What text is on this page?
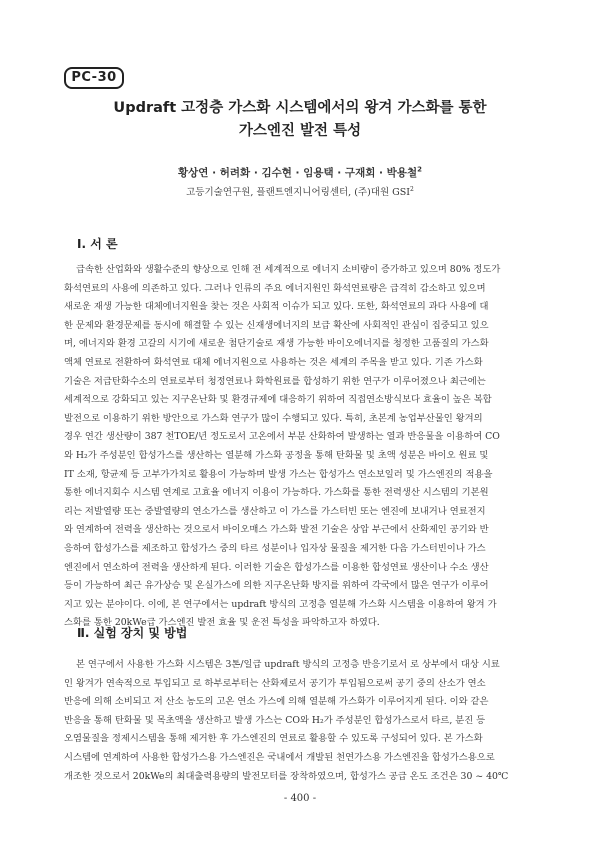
PC-30
Updraft 고정층 가스화 시스템에서의 왕겨 가스화를 통한
가스엔진 발전 특성
황상연 · 허려화 · 김수현 · 임용택 · 구재회 · 박용철$^2$
고등기술연구원, 플랜트엔지니어링센터, (주)대원 GSI$^2$
Ⅰ. 서 론
급속한 산업화와 생활수준의 향상으로 인해 전 세계적으로 에너지 소비량이 증가하고 있으며 80% 정도가
화석연료의 사용에 의존하고 있다. 그러나 인류의 주요 에너지원인 화석연료량은 급격히 감소하고 있으며
새로운 재생 가능한 대체에너지원을 찾는 것은 사회적 이슈가 되고 있다. 또한, 화석연료의 과다 사용에 대
한 문제와 환경문제를 동시에 해결할 수 있는 신재생에너지의 보급 확산에 사회적인 관심이 집중되고 있으
며, 에너지와 환경 고갈의 시기에 새로운 첨단기술로 재생 가능한 바이오에너지를 청정한 고품질의 가스화
액체 연료로 전환하여 화석연료 대체 에너지원으로 사용하는 것은 세계의 주목을 받고 있다. 기존 가스화
기술은 저급탄화수소의 연료로부터 청정연료나 화학원료를 합성하기 위한 연구가 이루어졌으나 최근에는
세계적으로 강화되고 있는 지구온난화 및 환경규제에 대응하기 위하여 직접연소방식보다 효율이 높은 복합
발전으로 이용하기 위한 방안으로 가스화 연구가 많이 수행되고 있다. 특히, 초본계 농업부산물인 왕겨의
경우 연간 생산량이 387 천TOE/년 정도로서 고온에서 부분 산화하여 발생하는 열과 반응물을 이용하여 CO
와 H₂가 주성분인 합성가스를 생산하는 열분해 가스화 공정을 통해 탄화물 및 초액 성분은 바이오 원료 및
IT 소재, 항균제 등 고부가가치로 활용이 가능하며 발생 가스는 합성가스 연소보일러 및 가스엔진의 적용을
통한 에너지회수 시스템 연계로 고효율 에너지 이용이 가능하다. 가스화를 통한 전력생산 시스템의 기본원
리는 저발열량 또는 중발열량의 연소가스를 생산하고 이 가스를 가스터빈 또는 엔진에 보내거나 연료전지
와 연계하여 전력을 생산하는 것으로서 바이오매스 가스화 발전 기술은 상압 부근에서 산화제인 공기와 반
응하여 합성가스를 제조하고 합성가스 중의 타르 성분이나 입자상 물질을 제거한 다음 가스터빈이나 가스
엔진에서 연소하여 전력을 생산하게 된다. 이러한 기술은 합성가스를 이용한 합성연료 생산이나 수소 생산
등이 가능하여 최근 유가상승 및 온실가스에 의한 지구온난화 방지를 위하여 각국에서 많은 연구가 이루어
지고 있는 분야이다. 이에, 본 연구에서는 updraft 방식의 고정층 열분해 가스화 시스템을 이용하여 왕겨 가
스화를 통한 20kWe급 가스엔진 발전 효율 및 운전 특성을 파악하고자 하였다.
Ⅱ. 실험 장치 및 방법
본 연구에서 사용한 가스화 시스템은 3톤/일급 updraft 방식의 고정층 반응기로서 로 상부에서 대상 시료
인 왕겨가 연속적으로 투입되고 로 하부로부터는 산화제로서 공기가 투입됨으로써 공기 중의 산소가 연소
반응에 의해 소비되고 저 산소 농도의 고온 연소 가스에 의해 열분해 가스화가 이루어지게 된다. 이와 같은
반응을 통해 탄화물 및 목초액을 생산하고 발생 가스는 CO와 H₂가 주성분인 합성가스로서 타르, 분진 등
오염물질을 정제시스템을 통해 제거한 후 가스엔진의 연료로 활용할 수 있도록 구성되어 있다. 본 가스화
시스템에 연계하여 사용한 합성가스용 가스엔진은 국내에서 개발된 천연가스용 가스엔진을 합성가스용으로
개조한 것으로서 20kWe의 최대출력용량의 발전모터를 장착하였으며, 합성가스 공급 온도 조건은 30 ~ 40℃
- 400 -
